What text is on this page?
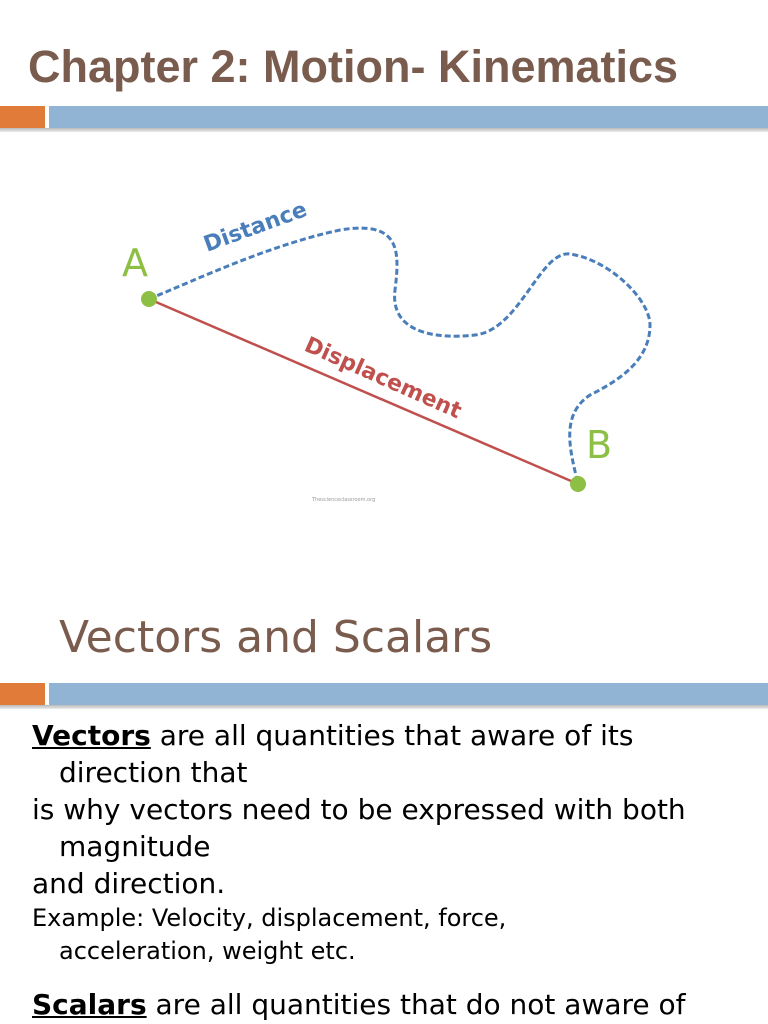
Chapter 2: Motion- Kinematics
A
B
Distance
Displacement
Thescienceclassroom.org
Vectors and Scalars

Vectors are all quantities that aware of its

direction that

is why vectors need to be expressed with both

magnitude

and direction.

Example: Velocity, displacement, force,

acceleration, weight etc.

Scalars are all quantities that do not aware of
